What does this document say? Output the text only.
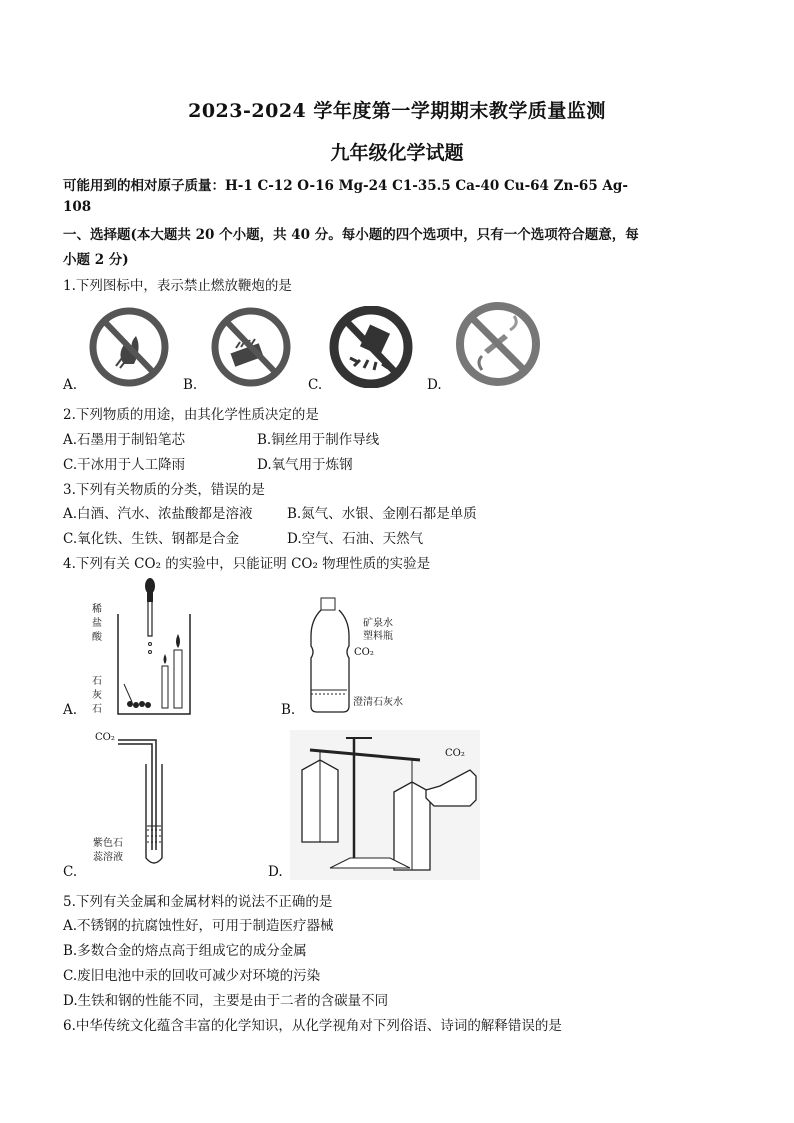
2023-2024 学年度第一学期期末教学质量监测
九年级化学试题
可能用到的相对原子质量：H-1 C-12 O-16 Mg-24 C1-35.5 Ca-40 Cu-64 Zn-65 Ag-
108
一、选择题(本大题共 20 个小题，共 40 分。每小题的四个选项中，只有一个选项符合题意，每
小题 2 分)
1.下列图标中，表示禁止燃放鞭炮的是
A.	B.	C.	D.
2.下列物质的用途，由其化学性质决定的是
A.石墨用于制铅笔芯	B.铜丝用于制作导线
C.干冰用于人工降雨	D.氧气用于炼钢
3.下列有关物质的分类，错误的是
A.白酒、汽水、浓盐酸都是溶液	B.氮气、水银、金刚石都是单质
C.氧化铁、生铁、钢都是合金	D.空气、石油、天然气
4.下列有关 CO₂ 的实验中，只能证明 CO₂ 物理性质的实验是
稀
盐
酸
石
灰
石
A.
矿泉水
塑料瓶
CO₂
澄清石灰水
B.
CO₂
紫色石
蕊溶液
C.
CO₂
D.
5.下列有关金属和金属材料的说法不正确的是
A.不锈钢的抗腐蚀性好，可用于制造医疗器械
B.多数合金的熔点高于组成它的成分金属
C.废旧电池中汞的回收可减少对环境的污染
D.生铁和钢的性能不同，主要是由于二者的含碳量不同
6.中华传统文化蕴含丰富的化学知识，从化学视角对下列俗语、诗词的解释错误的是
